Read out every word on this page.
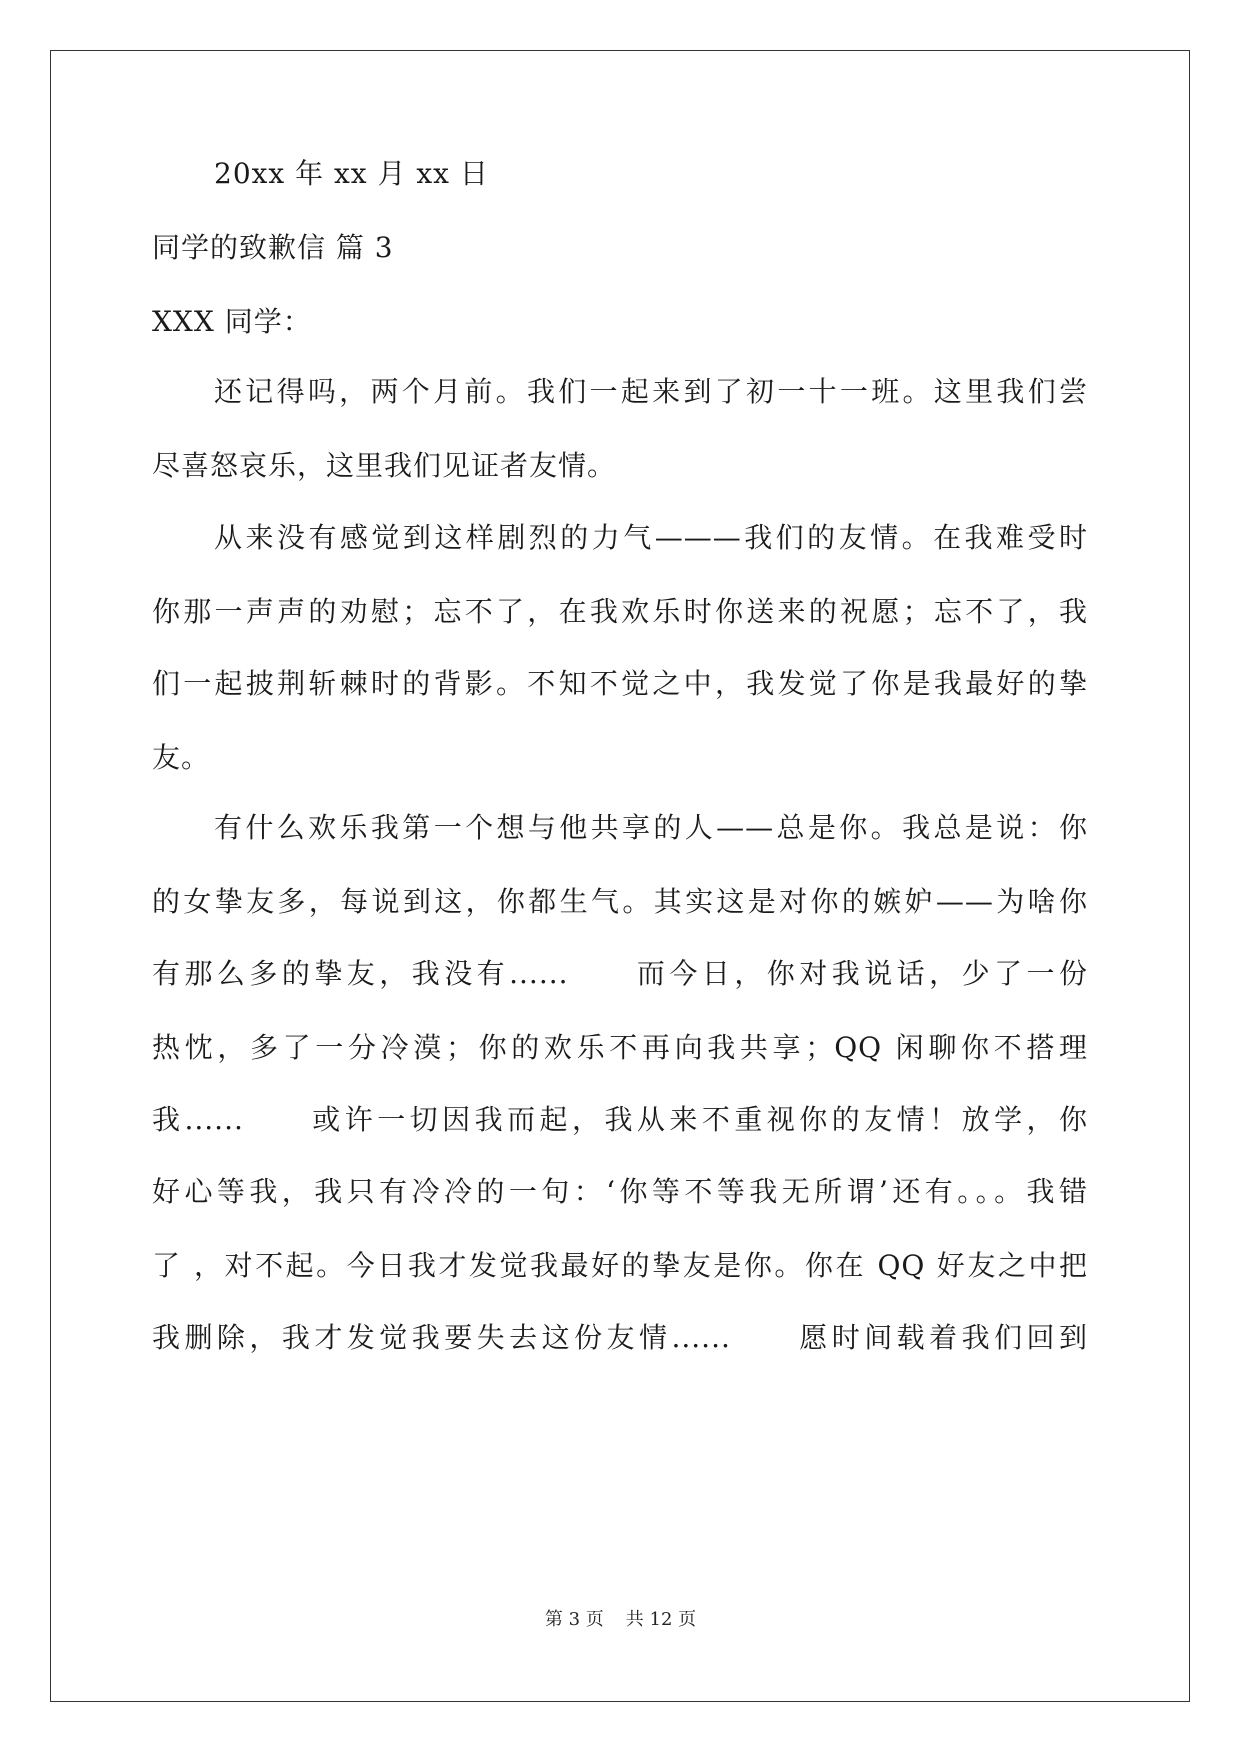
20xx 年 xx 月 xx 日
同学的致歉信 篇 3
XXX 同学：
还记得吗，两个月前。我们一起来到了初一十一班。这里我们尝
尽喜怒哀乐，这里我们见证者友情。
从来没有感觉到这样剧烈的力气———我们的友情。在我难受时
你那一声声的劝慰；忘不了，在我欢乐时你送来的祝愿；忘不了，我
们一起披荆斩棘时的背影。不知不觉之中，我发觉了你是我最好的挚
友。
有什么欢乐我第一个想与他共享的人——总是你。我总是说：你
的女挚友多，每说到这，你都生气。其实这是对你的嫉妒——为啥你
有那么多的挚友，我没有......　　而今日，你对我说话，少了一份
热忱，多了一分冷漠；你的欢乐不再向我共享；QQ 闲聊你不搭理
我......　　或许一切因我而起，我从来不重视你的友情！放学，你
好心等我，我只有冷冷的一句：‘你等不等我无所谓’还有。。。我错
了 ，对不起。今日我才发觉我最好的挚友是你。你在 QQ 好友之中把
我删除，我才发觉我要失去这份友情......　　愿时间载着我们回到
第 3 页 共 12 页
